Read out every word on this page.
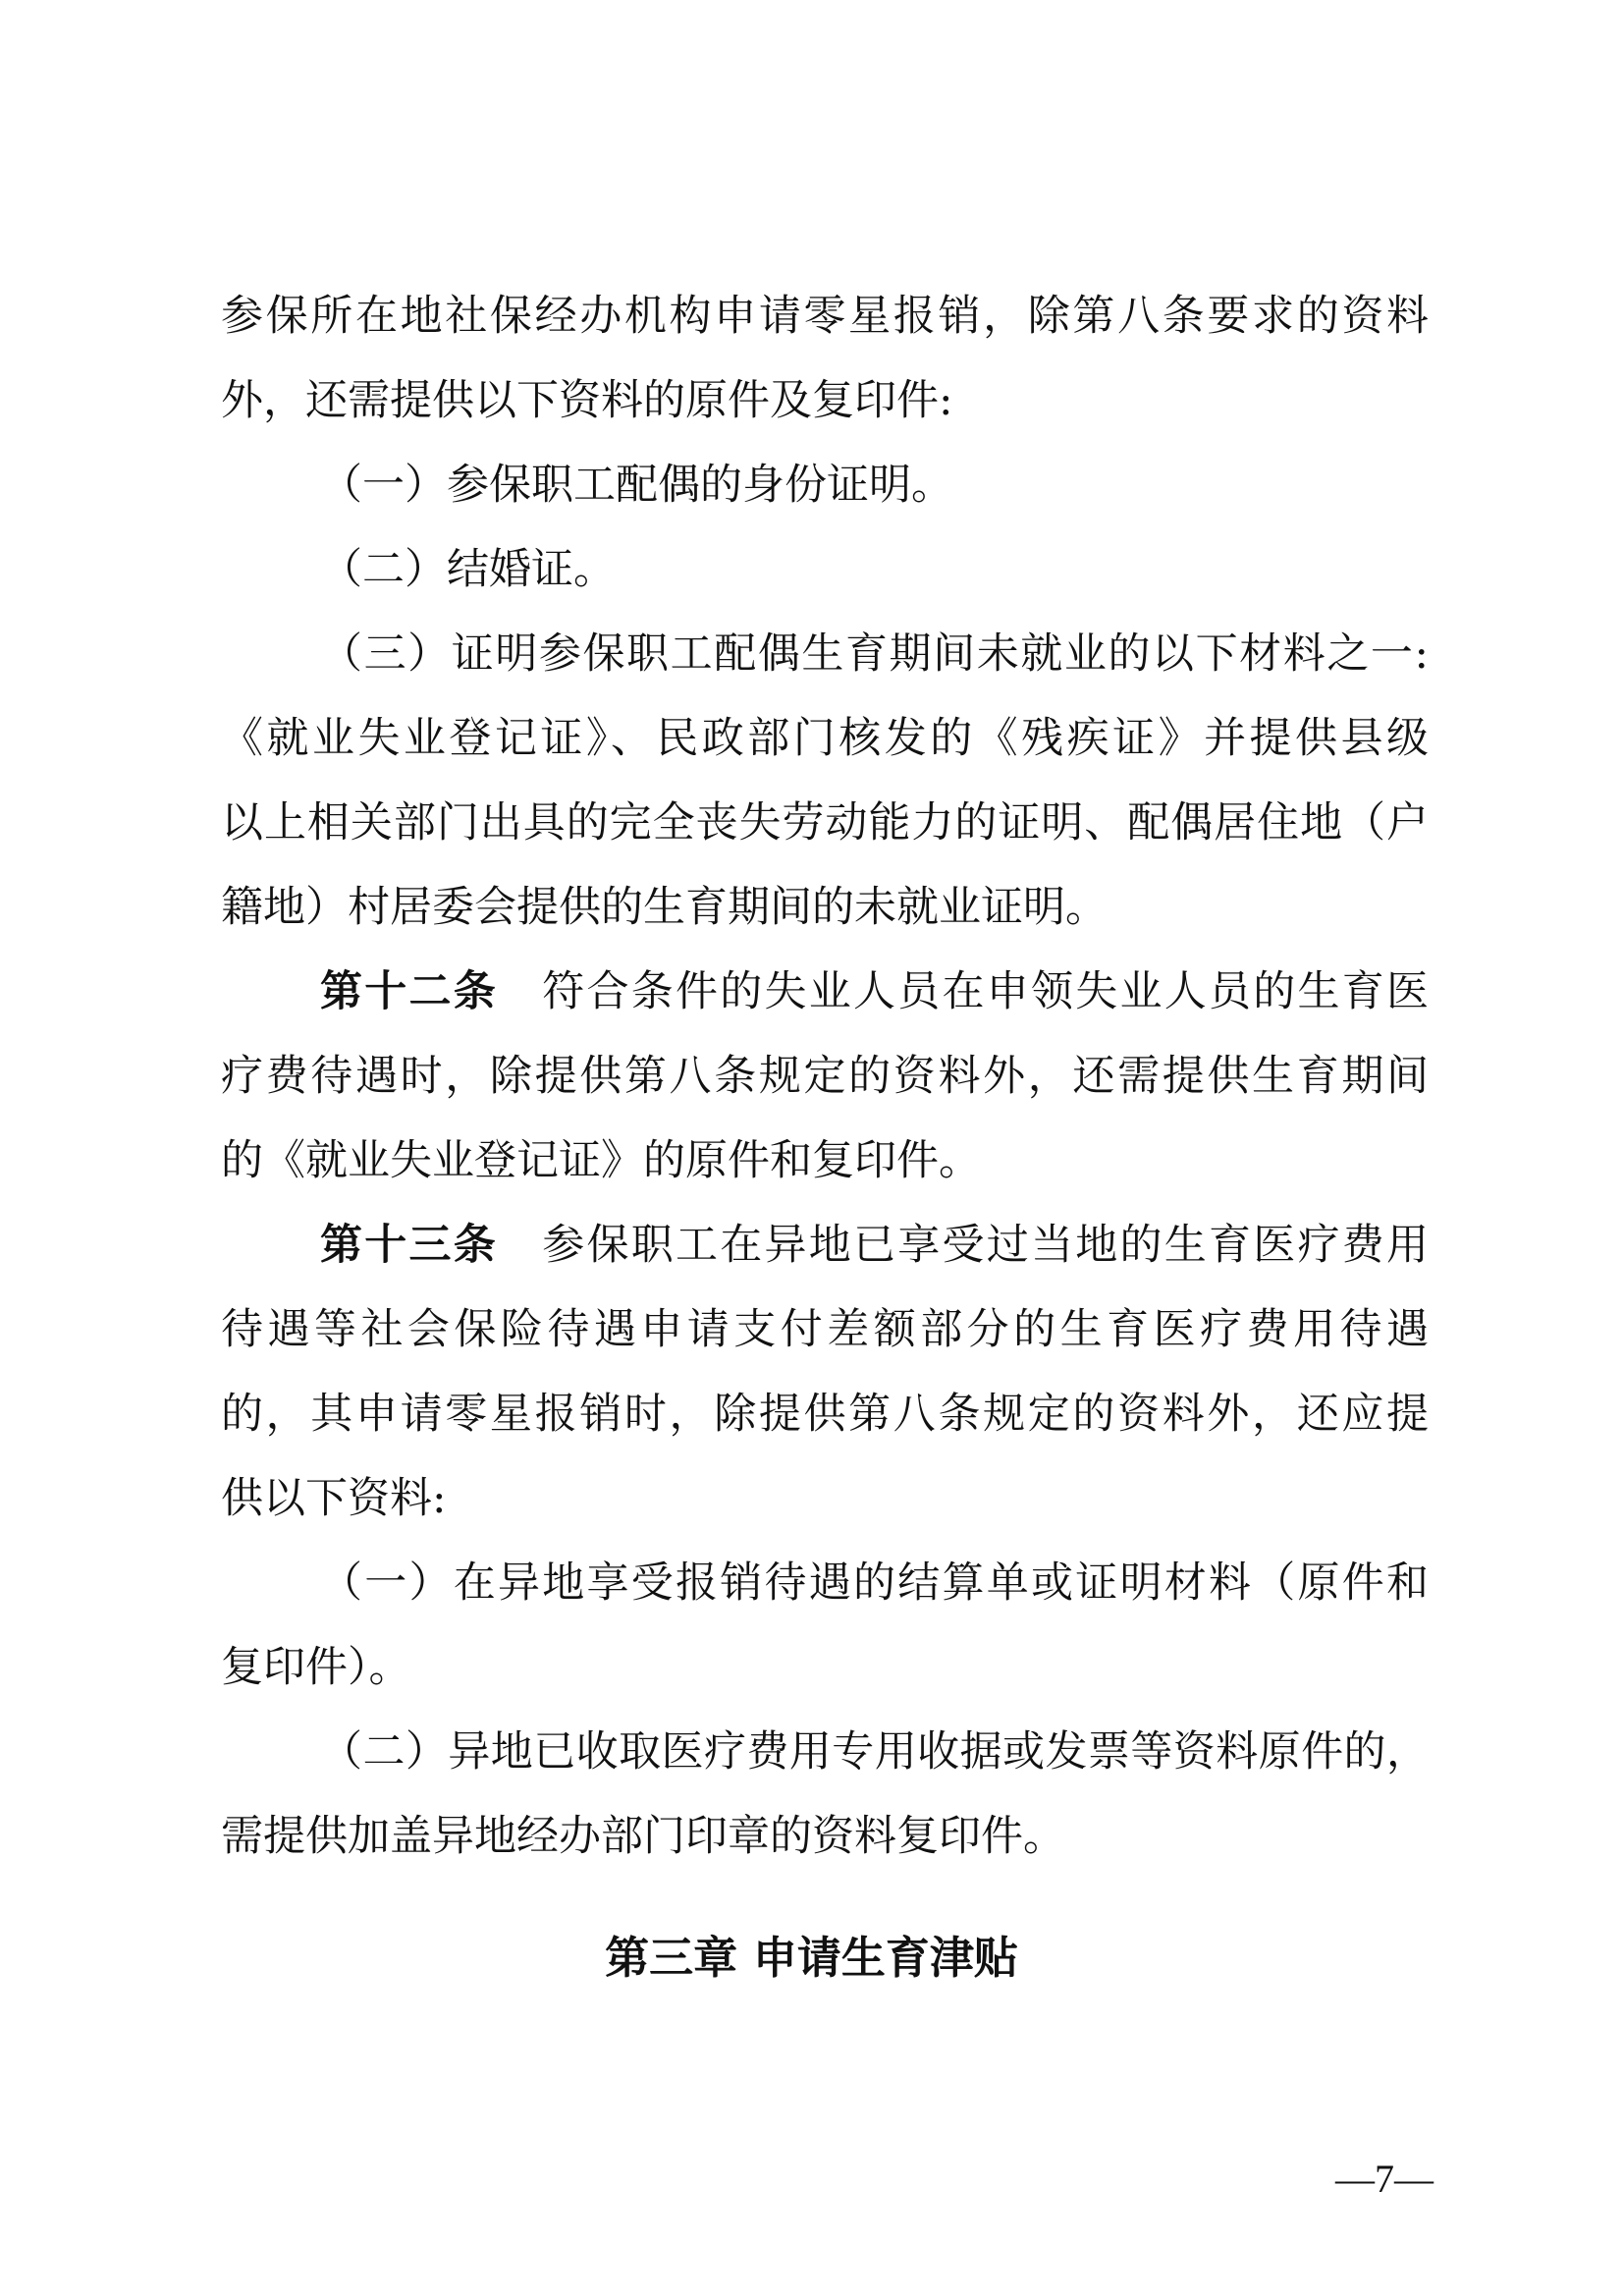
参保所在地社保经办机构申请零星报销，除第八条要求的资料
外，还需提供以下资料的原件及复印件:
（一）参保职工配偶的身份证明。
（二）结婚证。
（三）证明参保职工配偶生育期间未就业的以下材料之一:
《就业失业登记证》、民政部门核发的《残疾证》并提供县级
以上相关部门出具的完全丧失劳动能力的证明、配偶居住地（户
籍地）村居委会提供的生育期间的未就业证明。
第十二条　 符合条件的失业人员在申领失业人员的生育医
疗费待遇时，除提供第八条规定的资料外，还需提供生育期间
的《就业失业登记证》的原件和复印件。
第十三条　 参保职工在异地已享受过当地的生育医疗费用
待遇等社会保险待遇申请支付差额部分的生育医疗费用待遇
的，其申请零星报销时，除提供第八条规定的资料外，还应提
供以下资料:
（一）在异地享受报销待遇的结算单或证明材料（原件和
复印件）。
（二）异地已收取医疗费用专用收据或发票等资料原件的，
需提供加盖异地经办部门印章的资料复印件。
第三章 申请生育津贴
—7—
